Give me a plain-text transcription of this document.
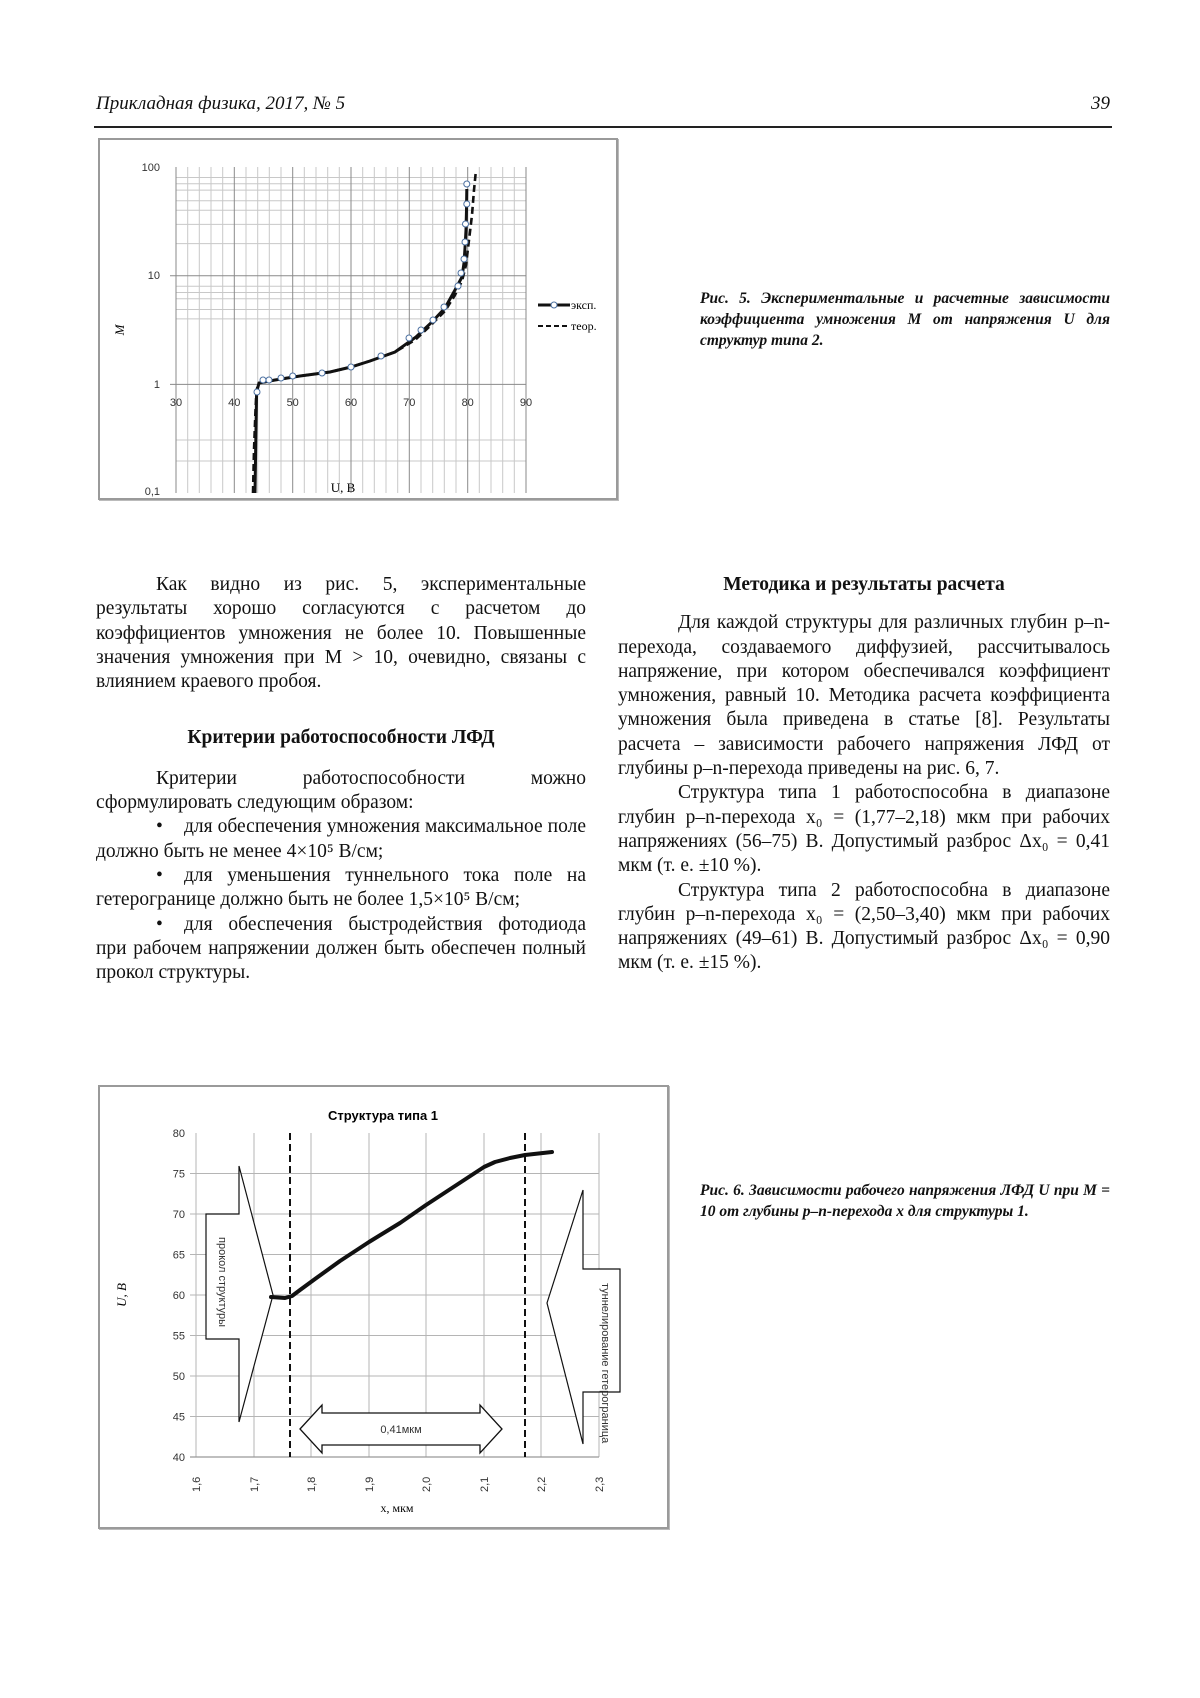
Прикладная физика, 2017, № 5	39
100
10
1
0,1
30	40	50	60	70	80	90
M
U, В
эксп.
теор.
Рис. 5. Экспериментальные и расчетные зависимости коэффициента умножения M от напряжения U для структур типа 2.

Как видно из рис. 5, экспериментальные результаты хорошо согласуются с расчетом до коэффициентов умножения не более 10. Повышенные значения умножения при M > 10, очевидно, связаны с влиянием краевого пробоя.

Критерии работоспособности ЛФД

Критерии работоспособности можно сформулировать следующим образом:

• для обеспечения умножения максимальное поле должно быть не менее 4×10⁵ В/см;

• для уменьшения туннельного тока поле на гетерогранице должно быть не более 1,5×10⁵ В/см;

• для обеспечения быстродействия фотодиода при рабочем напряжении должен быть обеспечен полный прокол структуры.

Методика и результаты расчета

Для каждой структуры для различных глубин p–n-перехода, создаваемого диффузией, рассчитывалось напряжение, при котором обеспечивался коэффициент умножения, равный 10. Методика расчета коэффициента умножения была приведена в статье [8]. Результаты расчета – зависимости рабочего напряжения ЛФД от глубины p–n-перехода приведены на рис. 6, 7.

Структура типа 1 работоспособна в диапазоне глубин p–n-перехода x₀ = (1,77–2,18) мкм при рабочих напряжениях (56–75) В. Допустимый разброс Δx₀ = 0,41 мкм (т. е. ±10 %).

Структура типа 2 работоспособна в диапазоне глубин p–n-перехода x₀ = (2,50–3,40) мкм при рабочих напряжениях (49–61) В. Допустимый разброс Δx₀ = 0,90 мкм (т. е. ±15 %).

Структура типа 1
80
75
70
65
60
55
50
45
40
1,6	1,7	1,8	1,9	2,0	2,1	2,2	2,3
U, В
x, мкм
прокол структуры
туннелирование гетерограница
0,41мкм
Рис. 6. Зависимости рабочего напряжения ЛФД U при M = 10 от глубины p–n-перехода x для структуры 1.
